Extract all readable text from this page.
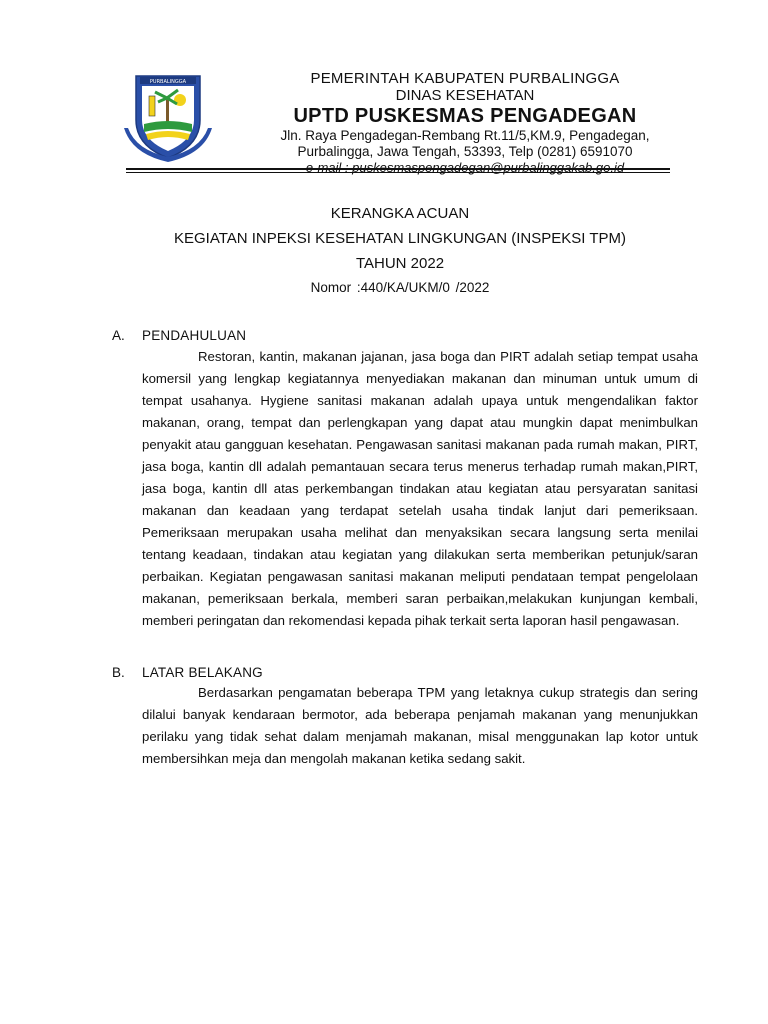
PURBALINGGA	PEMERINTAH KABUPATEN PURBALINGGA
DINAS KESEHATAN
UPTD PUSKESMAS PENGADEGAN
Jln. Raya Pengadegan-Rembang Rt.11/5,KM.9, Pengadegan,
Purbalingga, Jawa Tengah, 53393, Telp (0281) 6591070
KERANGKA ACUAN
KEGIATAN INPEKSI KESEHATAN LINGKUNGAN (INSPEKSI TPM)
TAHUN 2022
Nomor :440/KA/UKM/0 /2022
A. PENDAHULUAN
Restoran, kantin, makanan jajanan, jasa boga dan PIRT adalah setiap tempat usaha komersil yang lengkap kegiatannya menyediakan makanan dan minuman untuk umum di tempat usahanya. Hygiene sanitasi makanan adalah upaya untuk mengendalikan faktor makanan, orang, tempat dan perlengkapan yang dapat atau mungkin dapat menimbulkan penyakit atau gangguan kesehatan. Pengawasan sanitasi makanan pada rumah makan, PIRT, jasa boga, kantin dll adalah pemantauan secara terus menerus terhadap rumah makan,PIRT, jasa boga, kantin dll atas perkembangan tindakan atau kegiatan atau persyaratan sanitasi makanan dan keadaan yang terdapat setelah usaha tindak lanjut dari pemeriksaan. Pemeriksaan merupakan usaha melihat dan menyaksikan secara langsung serta menilai tentang keadaan, tindakan atau kegiatan yang dilakukan serta memberikan petunjuk/saran perbaikan. Kegiatan pengawasan sanitasi makanan meliputi pendataan tempat pengelolaan makanan, pemeriksaan berkala, memberi saran perbaikan,melakukan kunjungan kembali, memberi peringatan dan rekomendasi kepada pihak terkait serta laporan hasil pengawasan.
B. LATAR BELAKANG
Berdasarkan pengamatan beberapa TPM yang letaknya cukup strategis dan sering dilalui banyak kendaraan bermotor, ada beberapa penjamah makanan yang menunjukkan perilaku yang tidak sehat dalam menjamah makanan, misal menggunakan lap kotor untuk membersihkan meja dan mengolah makanan ketika sedang sakit.
